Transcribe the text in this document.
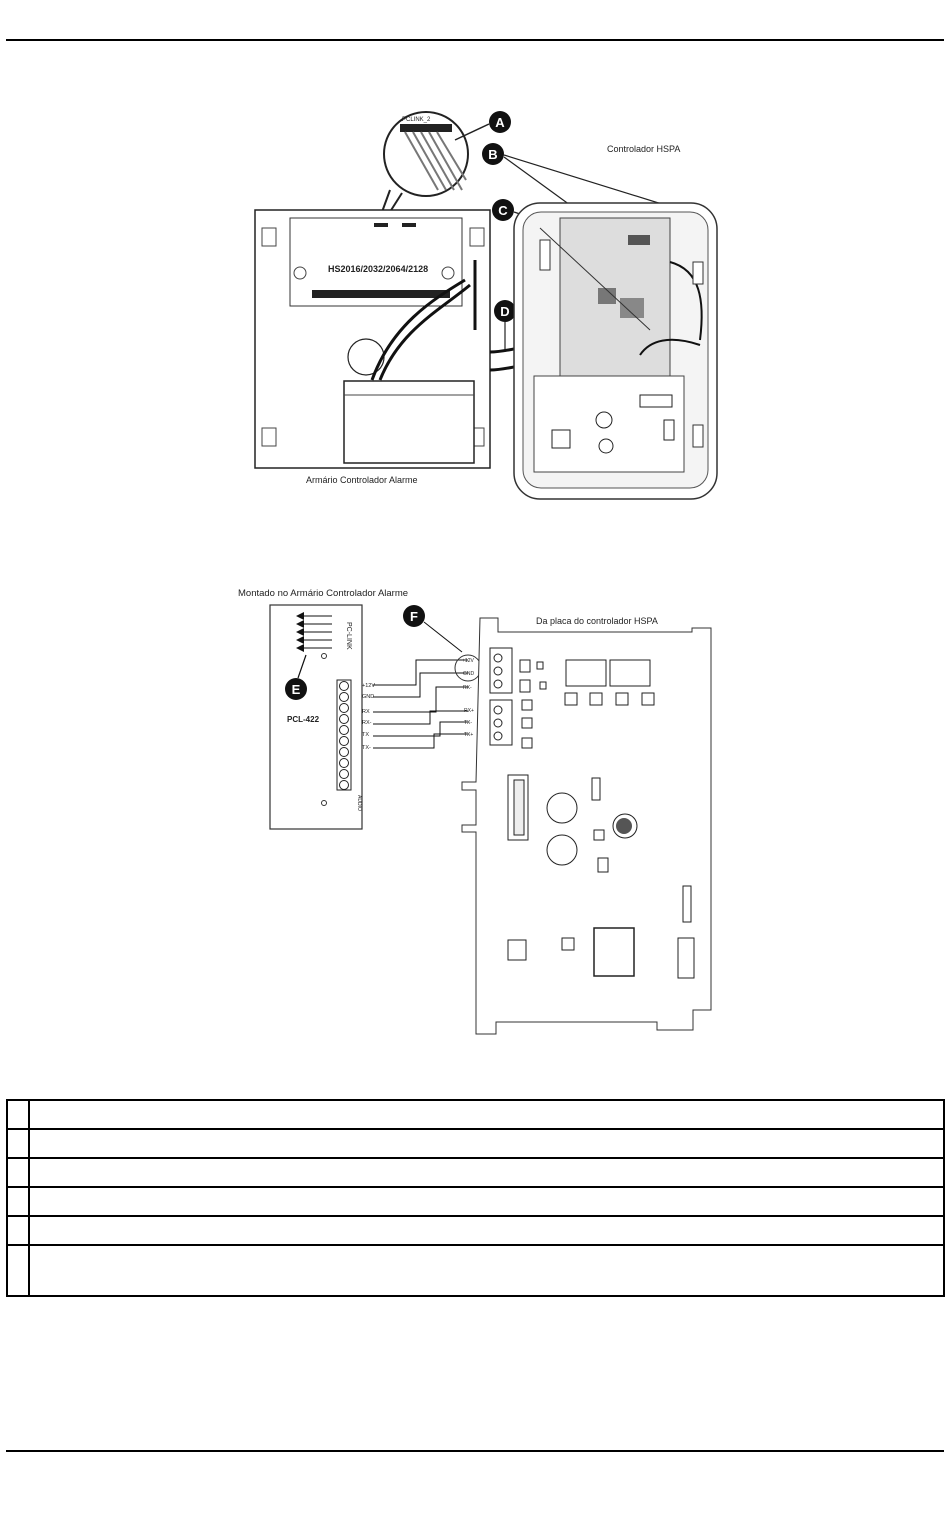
PCLINK_2	A
B
C
D
Controlador HSPA
HS2016/2032/2064/2128
Armário Controlador Alarme
Montado no Armário Controlador Alarme
Da placa do controlador HSPA
PC-LINK
E
PCL-422
AUDIO
+12V
GND
RX
RX-
TX
TX-
F
+12V
GND
RX-
RX+
TX-
TX+
